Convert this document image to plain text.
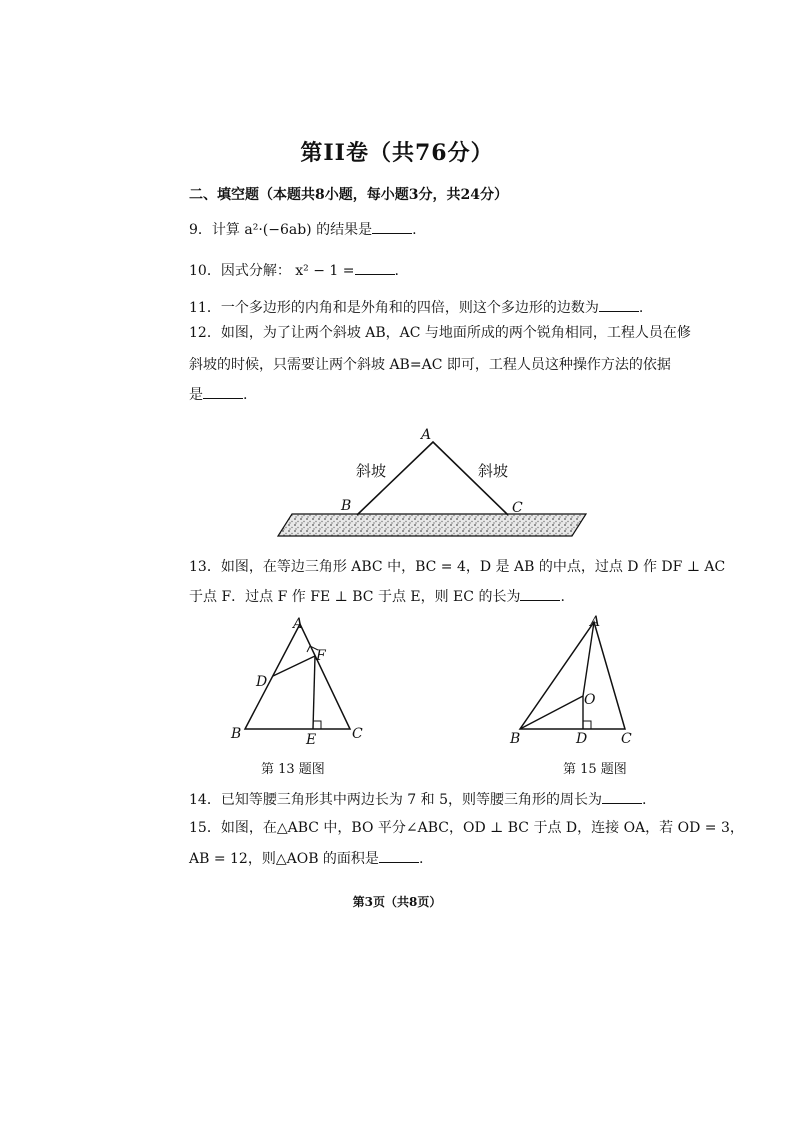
第II卷（共76分）
二、填空题（本题共8小题，每小题3分，共24分）
9．计算 a²·(−6ab) 的结果是	.
10．因式分解： x² − 1 =	.
11．一个多边形的内角和是外角和的四倍，则这个多边形的边数为	.
12．如图，为了让两个斜坡 AB，AC 与地面所成的两个锐角相同，工程人员在修
斜坡的时候，只需要让两个斜坡 AB=AC 即可，工程人员这种操作方法的依据
是	.
A
B	C
斜坡	斜坡
13．如图，在等边三角形 ABC 中，BC = 4，D 是 AB 的中点，过点 D 作 DF ⊥ AC
于点 F．过点 F 作 FE ⊥ BC 于点 E，则 EC 的长为	.
A
B	C
D
E
F
第 13 题图
A
B	C
D
O
第 15 题图
14．已知等腰三角形其中两边长为 7 和 5，则等腰三角形的周长为	.
15．如图，在△ABC 中，BO 平分∠ABC，OD ⊥ BC 于点 D，连接 OA，若 OD = 3，
AB = 12，则△AOB 的面积是	.
第3页（共8页）
